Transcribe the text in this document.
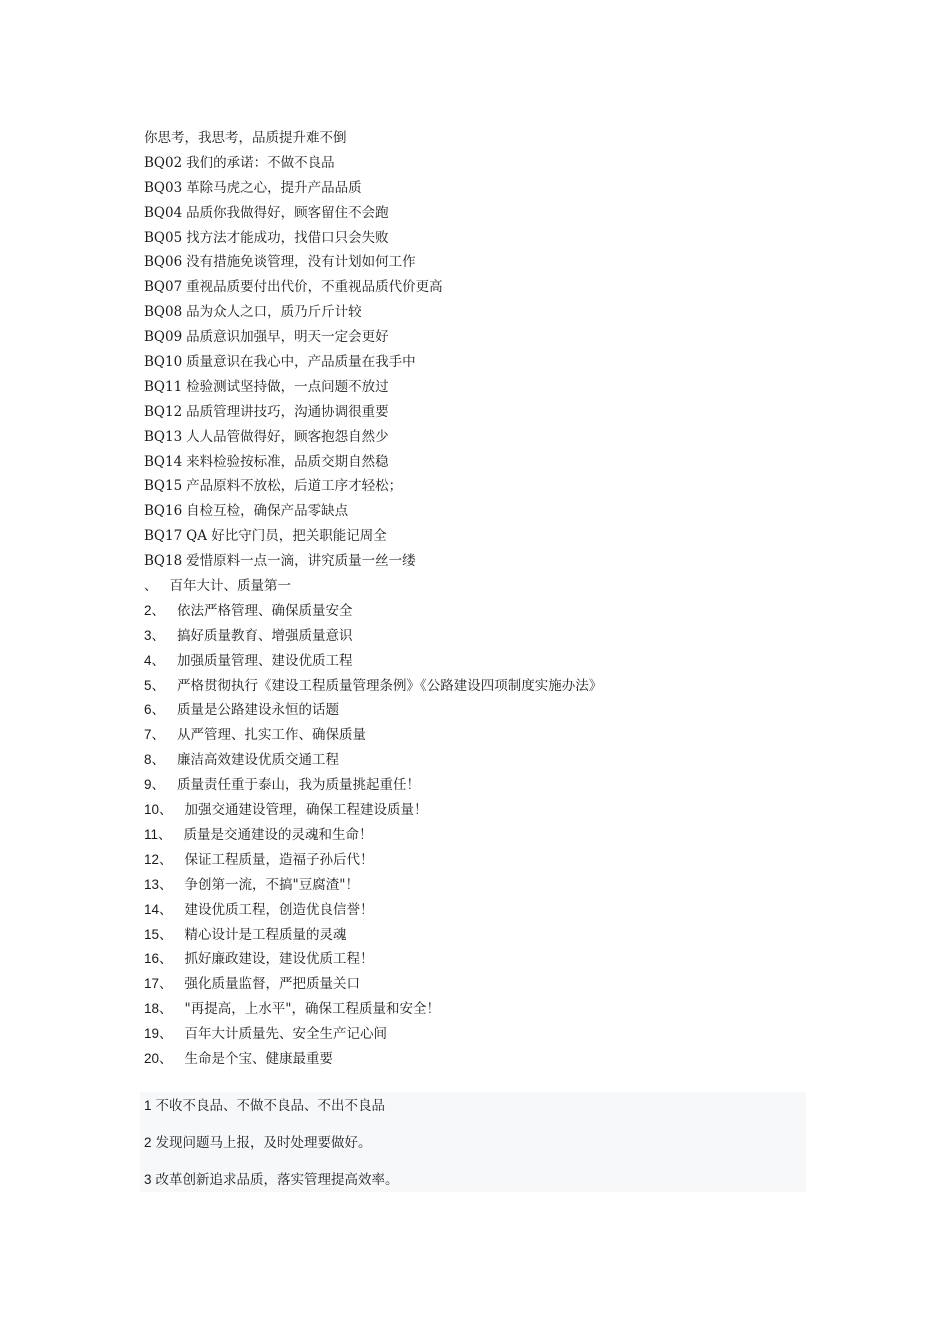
你思考，我思考，品质提升难不倒
BQ02 我们的承诺：不做不良品
BQ03 革除马虎之心，提升产品品质
BQ04 品质你我做得好，顾客留住不会跑
BQ05 找方法才能成功，找借口只会失败
BQ06 没有措施免谈管理，没有计划如何工作
BQ07 重视品质要付出代价，不重视品质代价更高
BQ08 品为众人之口，质乃斤斤计较
BQ09 品质意识加强早，明天一定会更好
BQ10 质量意识在我心中，产品质量在我手中
BQ11 检验测试坚持做，一点问题不放过
BQ12 品质管理讲技巧，沟通协调很重要
BQ13 人人品管做得好，顾客抱怨自然少
BQ14 来料检验按标准，品质交期自然稳
BQ15 产品原料不放松，后道工序才轻松；
BQ16 自检互检，确保产品零缺点
BQ17 QA 好比守门员，把关职能记周全
BQ18 爱惜原料一点一滴，讲究质量一丝一缕
、 百年大计、质量第一
2、 依法严格管理、确保质量安全
3、 搞好质量教育、增强质量意识
4、 加强质量管理、建设优质工程
5、 严格贯彻执行《建设工程质量管理条例》《公路建设四项制度实施办法》
6、 质量是公路建设永恒的话题
7、 从严管理、扎实工作、确保质量
8、 廉洁高效建设优质交通工程
9、 质量责任重于泰山，我为质量挑起重任！
10、 加强交通建设管理，确保工程建设质量！
11、 质量是交通建设的灵魂和生命！
12、 保证工程质量，造福子孙后代！
13、 争创第一流，不搞"豆腐渣"！
14、 建设优质工程，创造优良信誉！
15、 精心设计是工程质量的灵魂
16、 抓好廉政建设，建设优质工程！
17、 强化质量监督，严把质量关口
18、 "再提高，上水平"，确保工程质量和安全！
19、 百年大计质量先、安全生产记心间
20、 生命是个宝、健康最重要
1 不收不良品、不做不良品、不出不良品
2 发现问题马上报，及时处理要做好。
3 改革创新追求品质，落实管理提高效率。
